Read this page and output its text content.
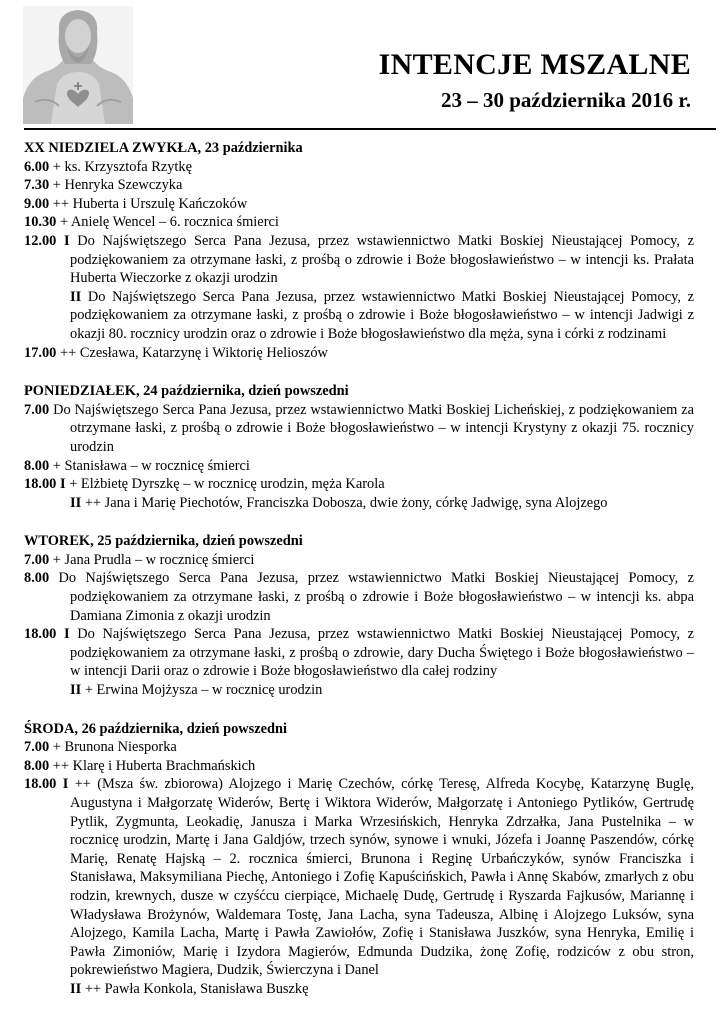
INTENCJE MSZALNE
23 – 30 października 2016 r.
XX NIEDZIELA ZWYKŁA, 23 października
6.00 + ks. Krzysztofa Rzytkę
7.30 + Henryka Szewczyka
9.00 ++ Huberta i Urszulę Kańczoków
10.30 + Anielę Wencel – 6. rocznica śmierci
12.00 I Do Najświętszego Serca Pana Jezusa, przez wstawiennictwo Matki Boskiej Nieustającej Pomocy, z podziękowaniem za otrzymane łaski, z prośbą o zdrowie i Boże błogosławieństwo – w intencji ks. Prałata Huberta Wieczorke z okazji urodzin
II Do Najświętszego Serca Pana Jezusa, przez wstawiennictwo Matki Boskiej Nieustającej Pomocy, z podziękowaniem za otrzymane łaski, z prośbą o zdrowie i Boże błogosławieństwo – w intencji Jadwigi z okazji 80. rocznicy urodzin oraz o zdrowie i Boże błogosławieństwo dla męża, syna i córki z rodzinami
17.00 ++ Czesława, Katarzynę i Wiktorię Helioszów
PONIEDZIAŁEK, 24 października, dzień powszedni
7.00 Do Najświętszego Serca Pana Jezusa, przez wstawiennictwo Matki Boskiej Licheńskiej, z podziękowaniem za otrzymane łaski, z prośbą o zdrowie i Boże błogosławieństwo – w intencji Krystyny z okazji 75. rocznicy urodzin
8.00 + Stanisława – w rocznicę śmierci
18.00 I + Elżbietę Dyrszkę – w rocznicę urodzin, męża Karola
II ++ Jana i Marię Piechotów, Franciszka Dobosza, dwie żony, córkę Jadwigę, syna Alojzego
WTOREK, 25 października, dzień powszedni
7.00 + Jana Prudla – w rocznicę śmierci
8.00 Do Najświętszego Serca Pana Jezusa, przez wstawiennictwo Matki Boskiej Nieustającej Pomocy, z podziękowaniem za otrzymane łaski, z prośbą o zdrowie i Boże błogosławieństwo – w intencji ks. abpa Damiana Zimonia z okazji urodzin
18.00 I Do Najświętszego Serca Pana Jezusa, przez wstawiennictwo Matki Boskiej Nieustającej Pomocy, z podziękowaniem za otrzymane łaski, z prośbą o zdrowie, dary Ducha Świętego i Boże błogosławieństwo – w intencji Darii oraz o zdrowie i Boże błogosławieństwo dla całej rodziny
II + Erwina Mojżysza – w rocznicę urodzin
ŚRODA, 26 października, dzień powszedni
7.00 + Brunona Niesporka
8.00 ++ Klarę i Huberta Brachmańskich
18.00 I ++ (Msza św. zbiorowa) Alojzego i Marię Czechów, córkę Teresę, Alfreda Kocybę, Katarzynę Buglę, Augustyna i Małgorzatę Widerów, Bertę i Wiktora Widerów, Małgorzatę i Antoniego Pytlików, Gertrudę Pytlik, Zygmunta, Leokadię, Janusza i Marka Wrzesińskich, Henryka Zdrzałka, Jana Pustelnika – w rocznicę urodzin, Martę i Jana Galdjów, trzech synów, synowe i wnuki, Józefa i Joannę Paszendów, córkę Marię, Renatę Hajską – 2. rocznica śmierci, Brunona i Reginę Urbańczyków, synów Franciszka i Stanisława, Maksymiliana Piechę, Antoniego i Zofię Kapuścińskich, Pawła i Annę Skabów, zmarłych z obu rodzin, krewnych, dusze w czyśćcu cierpiące, Michaelę Dudę, Gertrudę i Ryszarda Fajkusów, Mariannę i Władysława Brożynów, Waldemara Tostę, Jana Lacha, syna Tadeusza, Albinę i Alojzego Luksów, syna Alojzego, Kamila Lacha, Martę i Pawła Zawiołów, Zofię i Stanisława Juszków, syna Henryka, Emilię i Pawła Zimoniów, Marię i Izydora Magierów, Edmunda Dudzika, żonę Zofię, rodziców z obu stron, pokrewieństwo Magiera, Dudzik, Świerczyna i Danel
II ++ Pawła Konkola, Stanisława Buszkę
